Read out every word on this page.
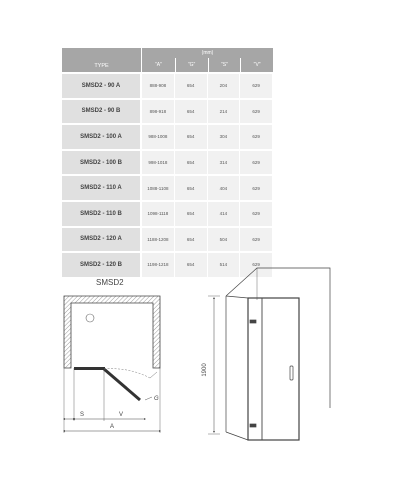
TYPE
(mm)
"A"	"G"	"S"	"V"
SMSD2 - 90 A	888-908	654	204	629
SMSD2 - 90 B	898-918	654	214	629
SMSD2 - 100 A	988-1008	654	304	629
SMSD2 - 100 B	998-1018	654	314	629
SMSD2 - 110 A	1088-1108	654	404	629
SMSD2 - 110 B	1098-1118	654	414	629
SMSD2 - 120 A	1188-1208	654	504	629
SMSD2 - 120 B	1198-1218	654	514	629
SMSD2
G
S	V
A
1900
